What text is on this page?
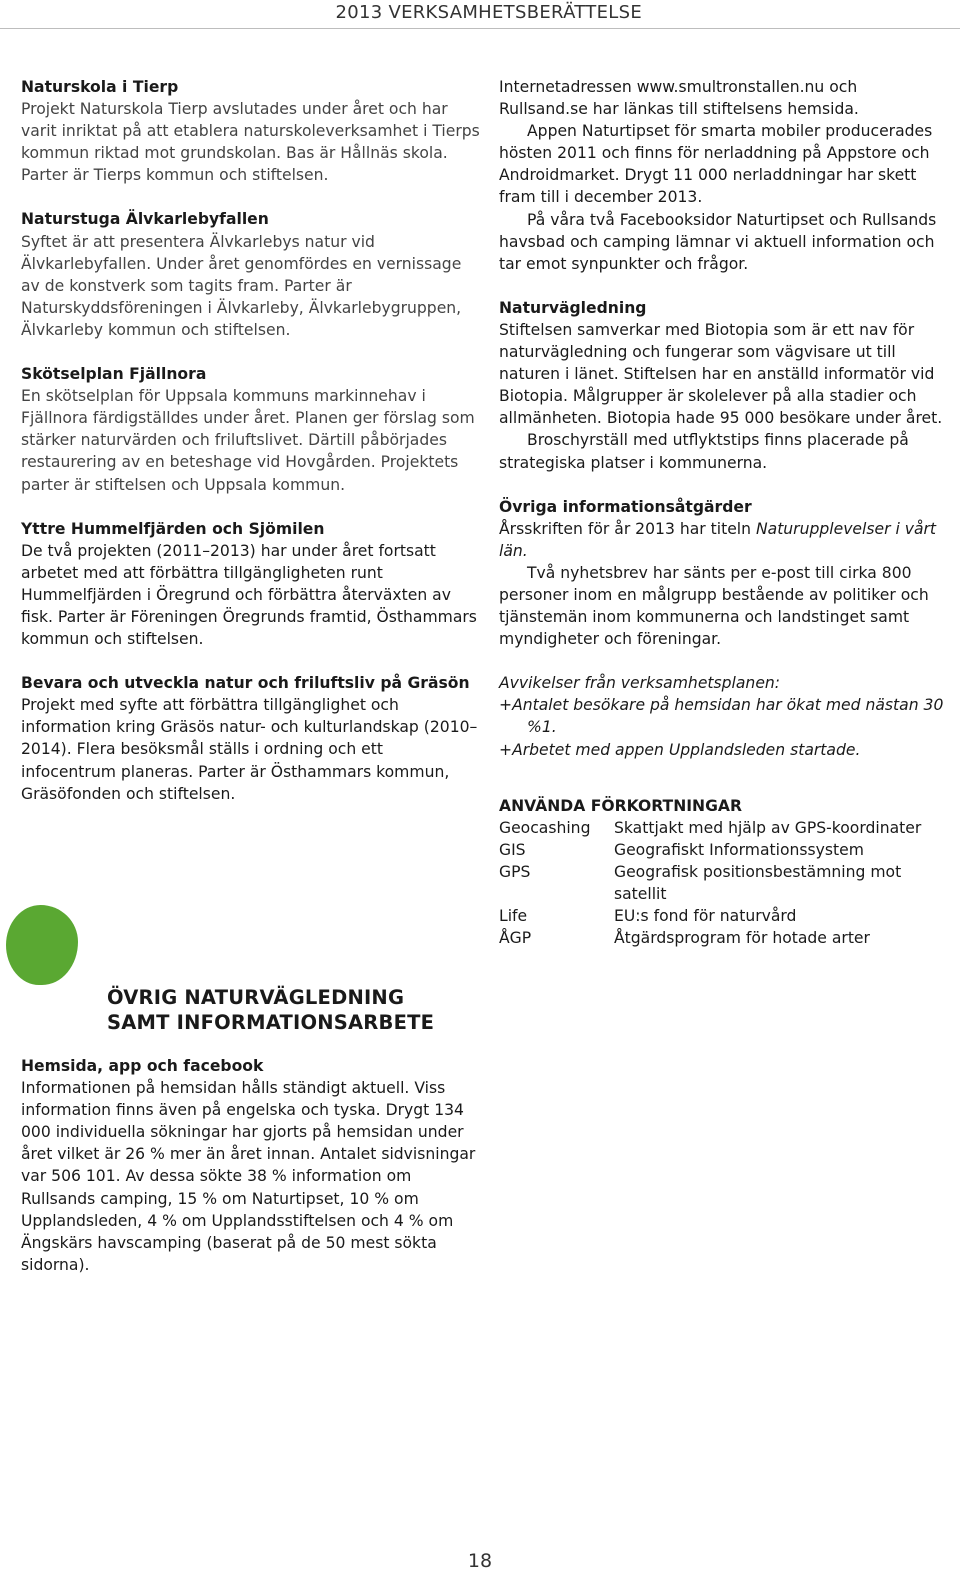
2013 VERKSAMHETSBERÄTTELSE
Naturskola i Tierp

Projekt Naturskola Tierp avslutades under året och har varit inriktat på att etablera naturskoleverksamhet i Tierps kommun riktad mot grundskolan. Bas är Hållnäs skola. Parter är Tierps kommun och stiftelsen.

Naturstuga Älvkarlebyfallen

Syftet är att presentera Älvkarlebys natur vid Älvkarlebyfallen. Under året genomfördes en vernissage av de konstverk som tagits fram. Parter är Naturskyddsföreningen i Älvkarleby, Älvkarlebygruppen, Älvkarleby kommun och stiftelsen.

Skötselplan Fjällnora

En skötselplan för Uppsala kommuns markinnehav i Fjällnora färdigställdes under året. Planen ger förslag som stärker naturvärden och friluftslivet. Därtill påbörjades restaurering av en beteshage vid Hovgården. Projektets parter är stiftelsen och Uppsala kommun.

Yttre Hummelfjärden och Sjömilen

De två projekten (2011–2013) har under året fortsatt arbetet med att förbättra tillgängligheten runt Hummelfjärden i Öregrund och förbättra återväxten av fisk. Parter är Föreningen Öregrunds framtid, Östhammars kommun och stiftelsen.

Bevara och utveckla natur och friluftsliv på Gräsön

Projekt med syfte att förbättra tillgänglighet och information kring Gräsös natur- och kulturlandskap (2010–2014). Flera besöksmål ställs i ordning och ett infocentrum planeras. Parter är Östhammars kommun, Gräsöfonden och stiftelsen.

ÖVRIG NATURVÄGLEDNING
SAMT INFORMATIONSARBETE
Hemsida, app och facebook

Informationen på hemsidan hålls ständigt aktuell. Viss information finns även på engelska och tyska. Drygt 134 000 individuella sökningar har gjorts på hemsidan under året vilket är 26 % mer än året innan. Antalet sidvisningar var 506 101. Av dessa sökte 38 % information om Rullsands camping, 15 % om Naturtipset, 10 % om Upplandsleden, 4 % om Upplandsstiftelsen och 4 % om Ängskärs havscamping (baserat på de 50 mest sökta sidorna).

Internetadressen www.smultronstallen.nu och Rullsand.se har länkas till stiftelsens hemsida.

Appen Naturtipset för smarta mobiler producerades hösten 2011 och finns för nerladdning på Appstore och Androidmarket. Drygt 11 000 nerladdningar har skett fram till i december 2013.

På våra två Facebooksidor Naturtipset och Rullsands havsbad och camping lämnar vi aktuell information och tar emot synpunkter och frågor.

Naturvägledning

Stiftelsen samverkar med Biotopia som är ett nav för naturvägledning och fungerar som vägvisare ut till naturen i länet. Stiftelsen har en anställd informatör vid Biotopia. Målgrupper är skolelever på alla stadier och allmänheten. Biotopia hade 95 000 besökare under året.

Broschyrställ med utflyktstips finns placerade på strategiska platser i kommunerna.

Övriga informationsåtgärder

Årsskriften för år 2013 har titeln Naturupplevelser i vårt län.

Två nyhetsbrev har sänts per e-post till cirka 800 personer inom en målgrupp bestående av politiker och tjänstemän inom kommunerna och landstinget samt myndigheter och föreningar.

Avvikelser från verksamhetsplanen:
+Antalet besökare på hemsidan har ökat med nästan 30 %1.
+Arbetet med appen Upplandsleden startade.
ANVÄNDA FÖRKORTNINGAR
Geocashing	Skattjakt med hjälp av GPS-koordinater
GIS	Geografiskt Informationssystem
GPS	Geografisk positionsbestämning mot satellit
Life	EU:s fond för naturvård
ÅGP	Åtgärdsprogram för hotade arter
18
